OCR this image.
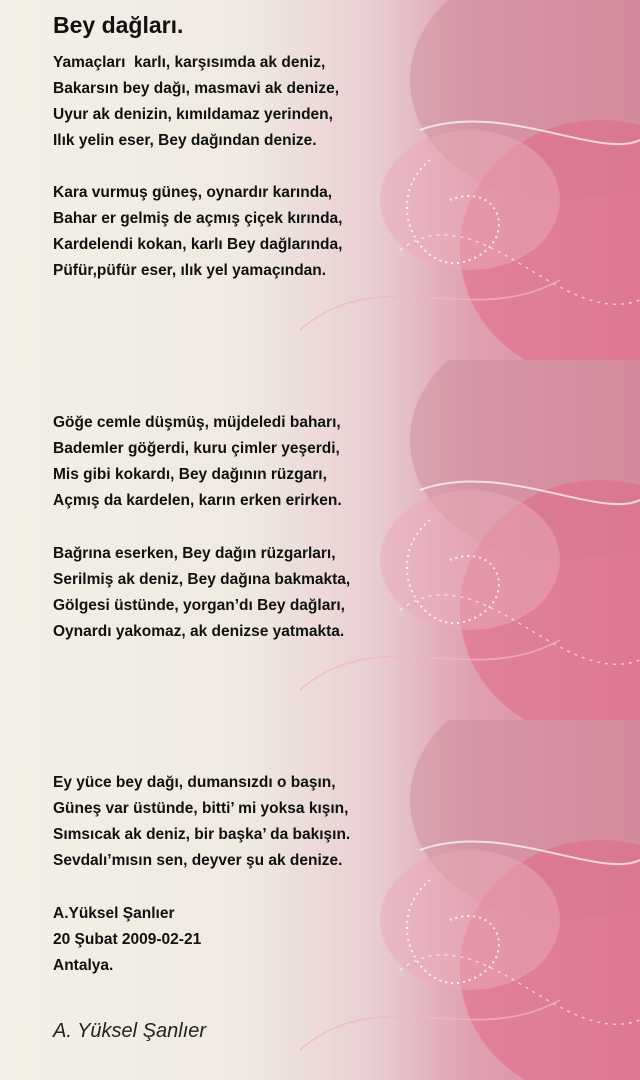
Bey dağları.
Yamaçları  karlı, karşısımda ak deniz,
Bakarsın bey dağı, masmavi ak denize,
Uyur ak denizin, kımıldamaz yerinden,
Ilık yelin eser, Bey dağından denize.
Kara vurmuş güneş, oynardır karında,
Bahar er gelmiş de açmış çiçek kırında,
Kardelendi kokan, karlı Bey dağlarında,
Püfür,püfür eser, ılık yel yamaçından.
Göğe cemle düşmüş, müjdeledi baharı,
Bademler göğerdi, kuru çimler yeşerdi,
Mis gibi kokardı, Bey dağının rüzgarı,
Açmış da kardelen, karın erken erirken.
Bağrına eserken, Bey dağın rüzgarları,
Serilmiş ak deniz, Bey dağına bakmakta,
Gölgesi üstünde, yorgan’dı Bey dağları,
Oynardı yakomaz, ak denizse yatmakta.
Ey yüce bey dağı, dumansızdı o başın,
Güneş var üstünde, bitti’ mi yoksa kışın,
Sımsıcak ak deniz, bir başka’ da bakışın.
Sevdalı’mısın sen, deyver şu ak denize.
A.Yüksel Şanlıer
20 Şubat 2009-02-21
Antalya.
A. Yüksel Şanlıer
